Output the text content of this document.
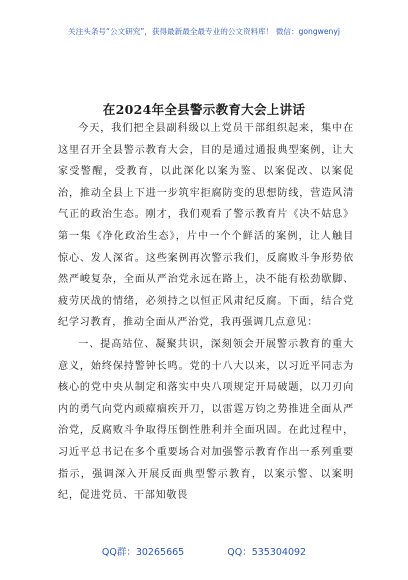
关注头条号“公文研究”，获得最新最全最专业的公文资料库！ 微信：gongwenyj
在2024年全县警示教育大会上讲话

今天，我们把全县副科级以上党员干部组织起来，集中在这里召开全县警示教育大会，目的是通过通报典型案例，让大家受警醒，受教育，以此深化以案为鉴、以案促改、以案促治，推动全县上下进一步筑牢拒腐防变的思想防线，营造风清气正的政治生态。刚才，我们观看了警示教育片《决不姑息》第一集《净化政治生态》，片中一个个鲜活的案例，让人触目惊心、发人深省。这些案例再次警示我们，反腐败斗争形势依然严峻复杂，全面从严治党永远在路上，决不能有松劲歇脚、疲劳厌战的情绪，必须持之以恒正风肃纪反腐。下面，结合党纪学习教育，推动全面从严治党，我再强调几点意见：

一、提高站位、凝聚共识，深刻领会开展警示教育的重大意义，始终保持警钟长鸣。党的十八大以来，以习近平同志为核心的党中央从制定和落实中央八项规定开局破题，以刀刃向内的勇气向党内顽瘴痼疾开刀，以雷霆万钧之势推进全面从严治党，反腐败斗争取得压倒性胜利并全面巩固。在此过程中，习近平总书记在多个重要场合对加强警示教育作出一系列重要指示，强调深入开展反面典型警示教育，以案示警、以案明纪，促进党员、干部知敬畏

QQ群：30265665	QQ：535304092
